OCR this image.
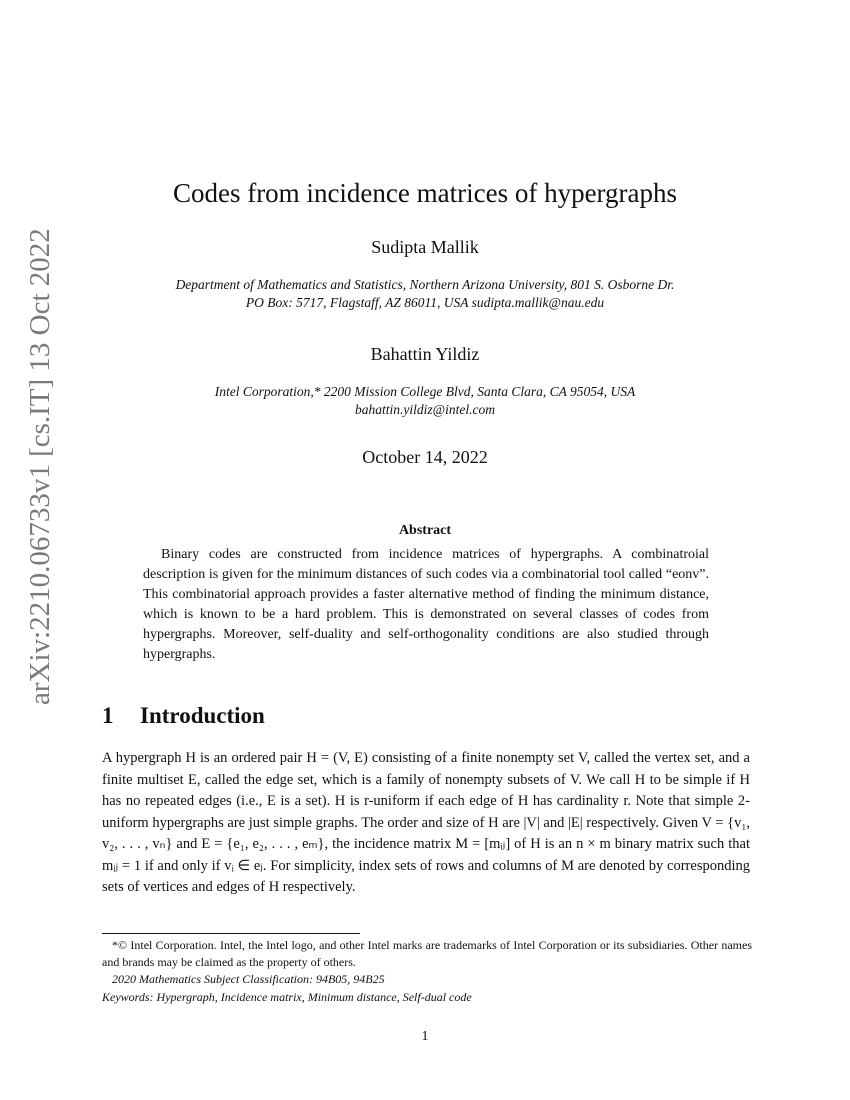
arXiv:2210.06733v1 [cs.IT] 13 Oct 2022
Codes from incidence matrices of hypergraphs
Sudipta Mallik
Department of Mathematics and Statistics, Northern Arizona University, 801 S. Osborne Dr.
PO Box: 5717, Flagstaff, AZ 86011, USA sudipta.mallik@nau.edu
Bahattin Yildiz
Intel Corporation,* 2200 Mission College Blvd, Santa Clara, CA 95054, USA
bahattin.yildiz@intel.com
October 14, 2022
Abstract

Binary codes are constructed from incidence matrices of hypergraphs. A combinatroial description is given for the minimum distances of such codes via a combinatorial tool called “eonv”. This combinatorial approach provides a faster alternative method of finding the minimum distance, which is known to be a hard problem. This is demonstrated on several classes of codes from hypergraphs. Moreover, self-duality and self-orthogonality conditions are also studied through hypergraphs.

1 Introduction

A hypergraph H is an ordered pair H = (V, E) consisting of a finite nonempty set V, called the vertex set, and a finite multiset E, called the edge set, which is a family of nonempty subsets of V. We call H to be simple if H has no repeated edges (i.e., E is a set). H is r-uniform if each edge of H has cardinality r. Note that simple 2-uniform hypergraphs are just simple graphs. The order and size of H are |V| and |E| respectively. Given V = {v₁, v₂, . . . , vₙ} and E = {e₁, e₂, . . . , eₘ}, the incidence matrix M = [mᵢⱼ] of H is an n × m binary matrix such that mᵢⱼ = 1 if and only if vᵢ ∈ eⱼ. For simplicity, index sets of rows and columns of M are denoted by corresponding sets of vertices and edges of H respectively.

*© Intel Corporation. Intel, the Intel logo, and other Intel marks are trademarks of Intel Corporation or its subsidiaries. Other names and brands may be claimed as the property of others.

2020 Mathematics Subject Classification: 94B05, 94B25

Keywords: Hypergraph, Incidence matrix, Minimum distance, Self-dual code

1
